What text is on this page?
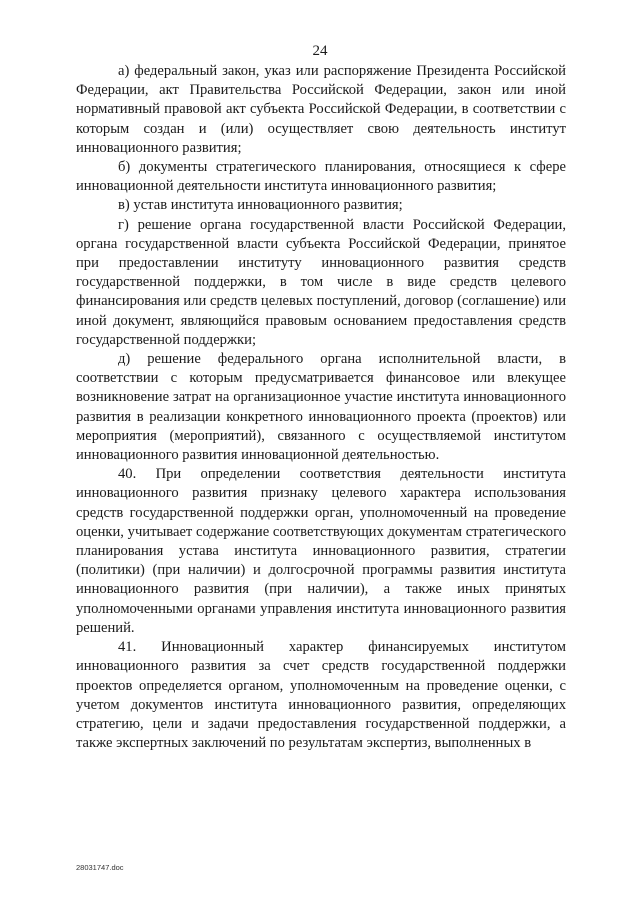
24

а) федеральный закон, указ или распоряжение Президента Российской Федерации, акт Правительства Российской Федерации, закон или иной нормативный правовой акт субъекта Российской Федерации, в соответствии с которым создан и (или) осуществляет свою деятельность институт инновационного развития;

б) документы стратегического планирования, относящиеся к сфере инновационной деятельности института инновационного развития;

в) устав института инновационного развития;

г) решение органа государственной власти Российской Федерации, органа государственной власти субъекта Российской Федерации, принятое при предоставлении институту инновационного развития средств государственной поддержки, в том числе в виде средств целевого финансирования или средств целевых поступлений, договор (соглашение) или иной документ, являющийся правовым основанием предоставления средств государственной поддержки;

д) решение федерального органа исполнительной власти, в соответствии с которым предусматривается финансовое или влекущее возникновение затрат на организационное участие института инновационного развития в реализации конкретного инновационного проекта (проектов) или мероприятия (мероприятий), связанного с осуществляемой институтом инновационного развития инновационной деятельностью.

40. При определении соответствия деятельности института инновационного развития признаку целевого характера использования средств государственной поддержки орган, уполномоченный на проведение оценки, учитывает содержание соответствующих документам стратегического планирования устава института инновационного развития, стратегии (политики) (при наличии) и долгосрочной программы развития института инновационного развития (при наличии), а также иных принятых уполномоченными органами управления института инновационного развития решений.

41. Инновационный характер финансируемых институтом инновационного развития за счет средств государственной поддержки проектов определяется органом, уполномоченным на проведение оценки, с учетом документов института инновационного развития, определяющих стратегию, цели и задачи предоставления государственной поддержки, а также экспертных заключений по результатам экспертиз, выполненных в

28031747.doc
